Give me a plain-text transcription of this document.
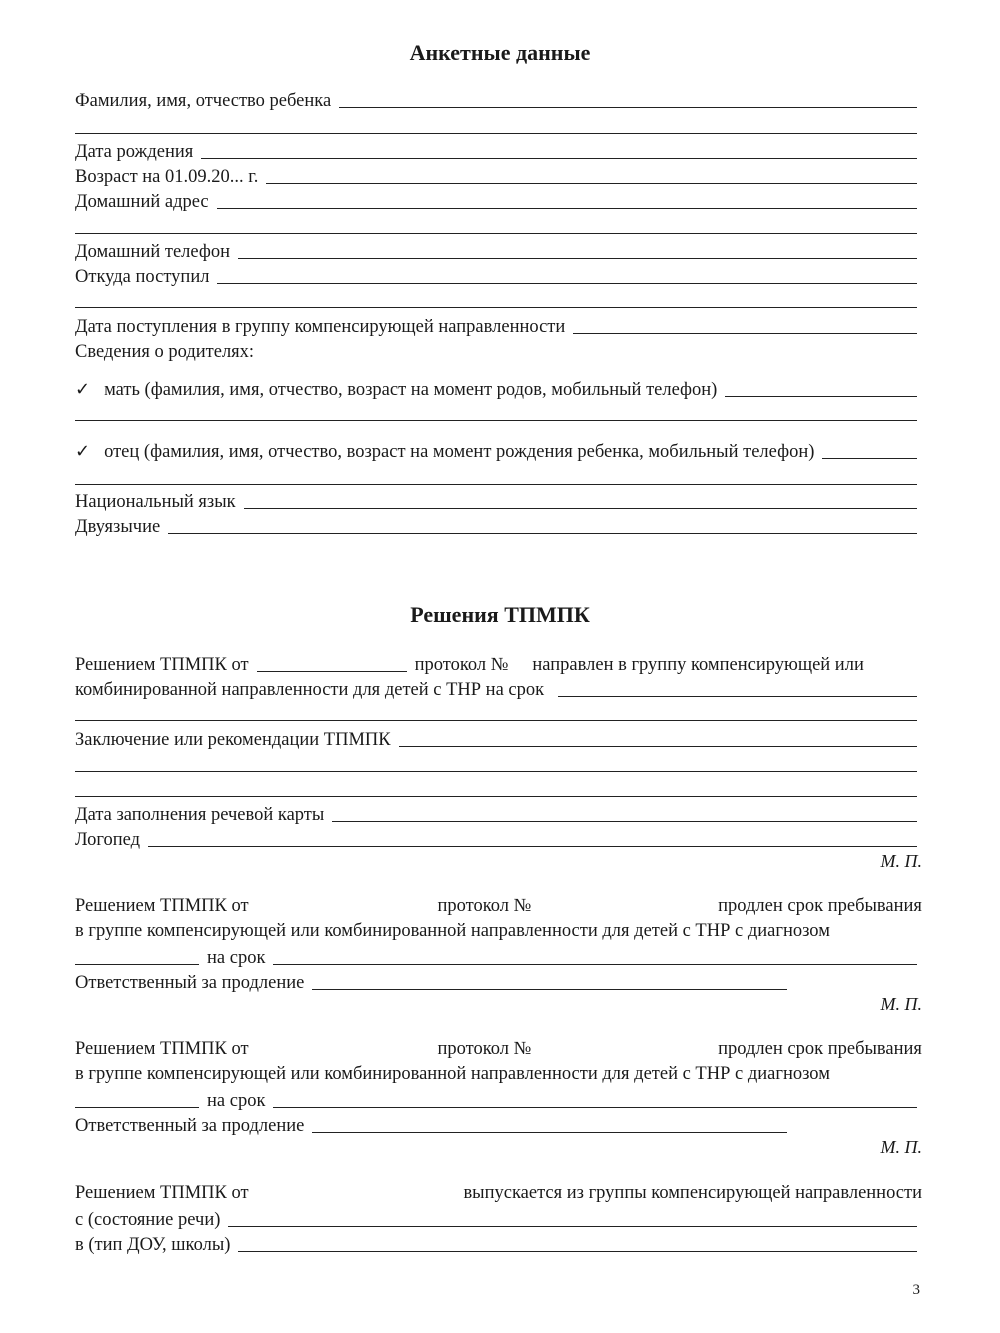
Анкетные данные
Фамилия, имя, отчество ребенка
Дата рождения
Возраст на 01.09.20... г.
Домашний адрес
Домашний телефон
Откуда поступил
Дата поступления в группу компенсирующей направленности
Сведения о родителях:
✓ мать (фамилия, имя, отчество, возраст на момент родов, мобильный телефон)
✓ отец (фамилия, имя, отчество, возраст на момент рождения ребенка, мобильный телефон)
Национальный язык
Двуязычие
Решения ТПМПК
Решением ТПМПК от	протокол №	направлен в группу компенсирующей или
комбинированной направленности для детей с ТНР на срок
Заключение или рекомендации ТПМПК
Дата заполнения речевой карты
Логопед
М. П.
Решением ТПМПК от	протокол №	продлен срок пребывания
в группе компенсирующей или комбинированной направленности для детей с ТНР с диагнозом
на срок
Ответственный за продление
М. П.
Решением ТПМПК от	протокол №	продлен срок пребывания
в группе компенсирующей или комбинированной направленности для детей с ТНР с диагнозом
на срок
Ответственный за продление
М. П.
Решением ТПМПК от	выпускается из группы компенсирующей направленности
с (состояние речи)
в (тип ДОУ, школы)
3
